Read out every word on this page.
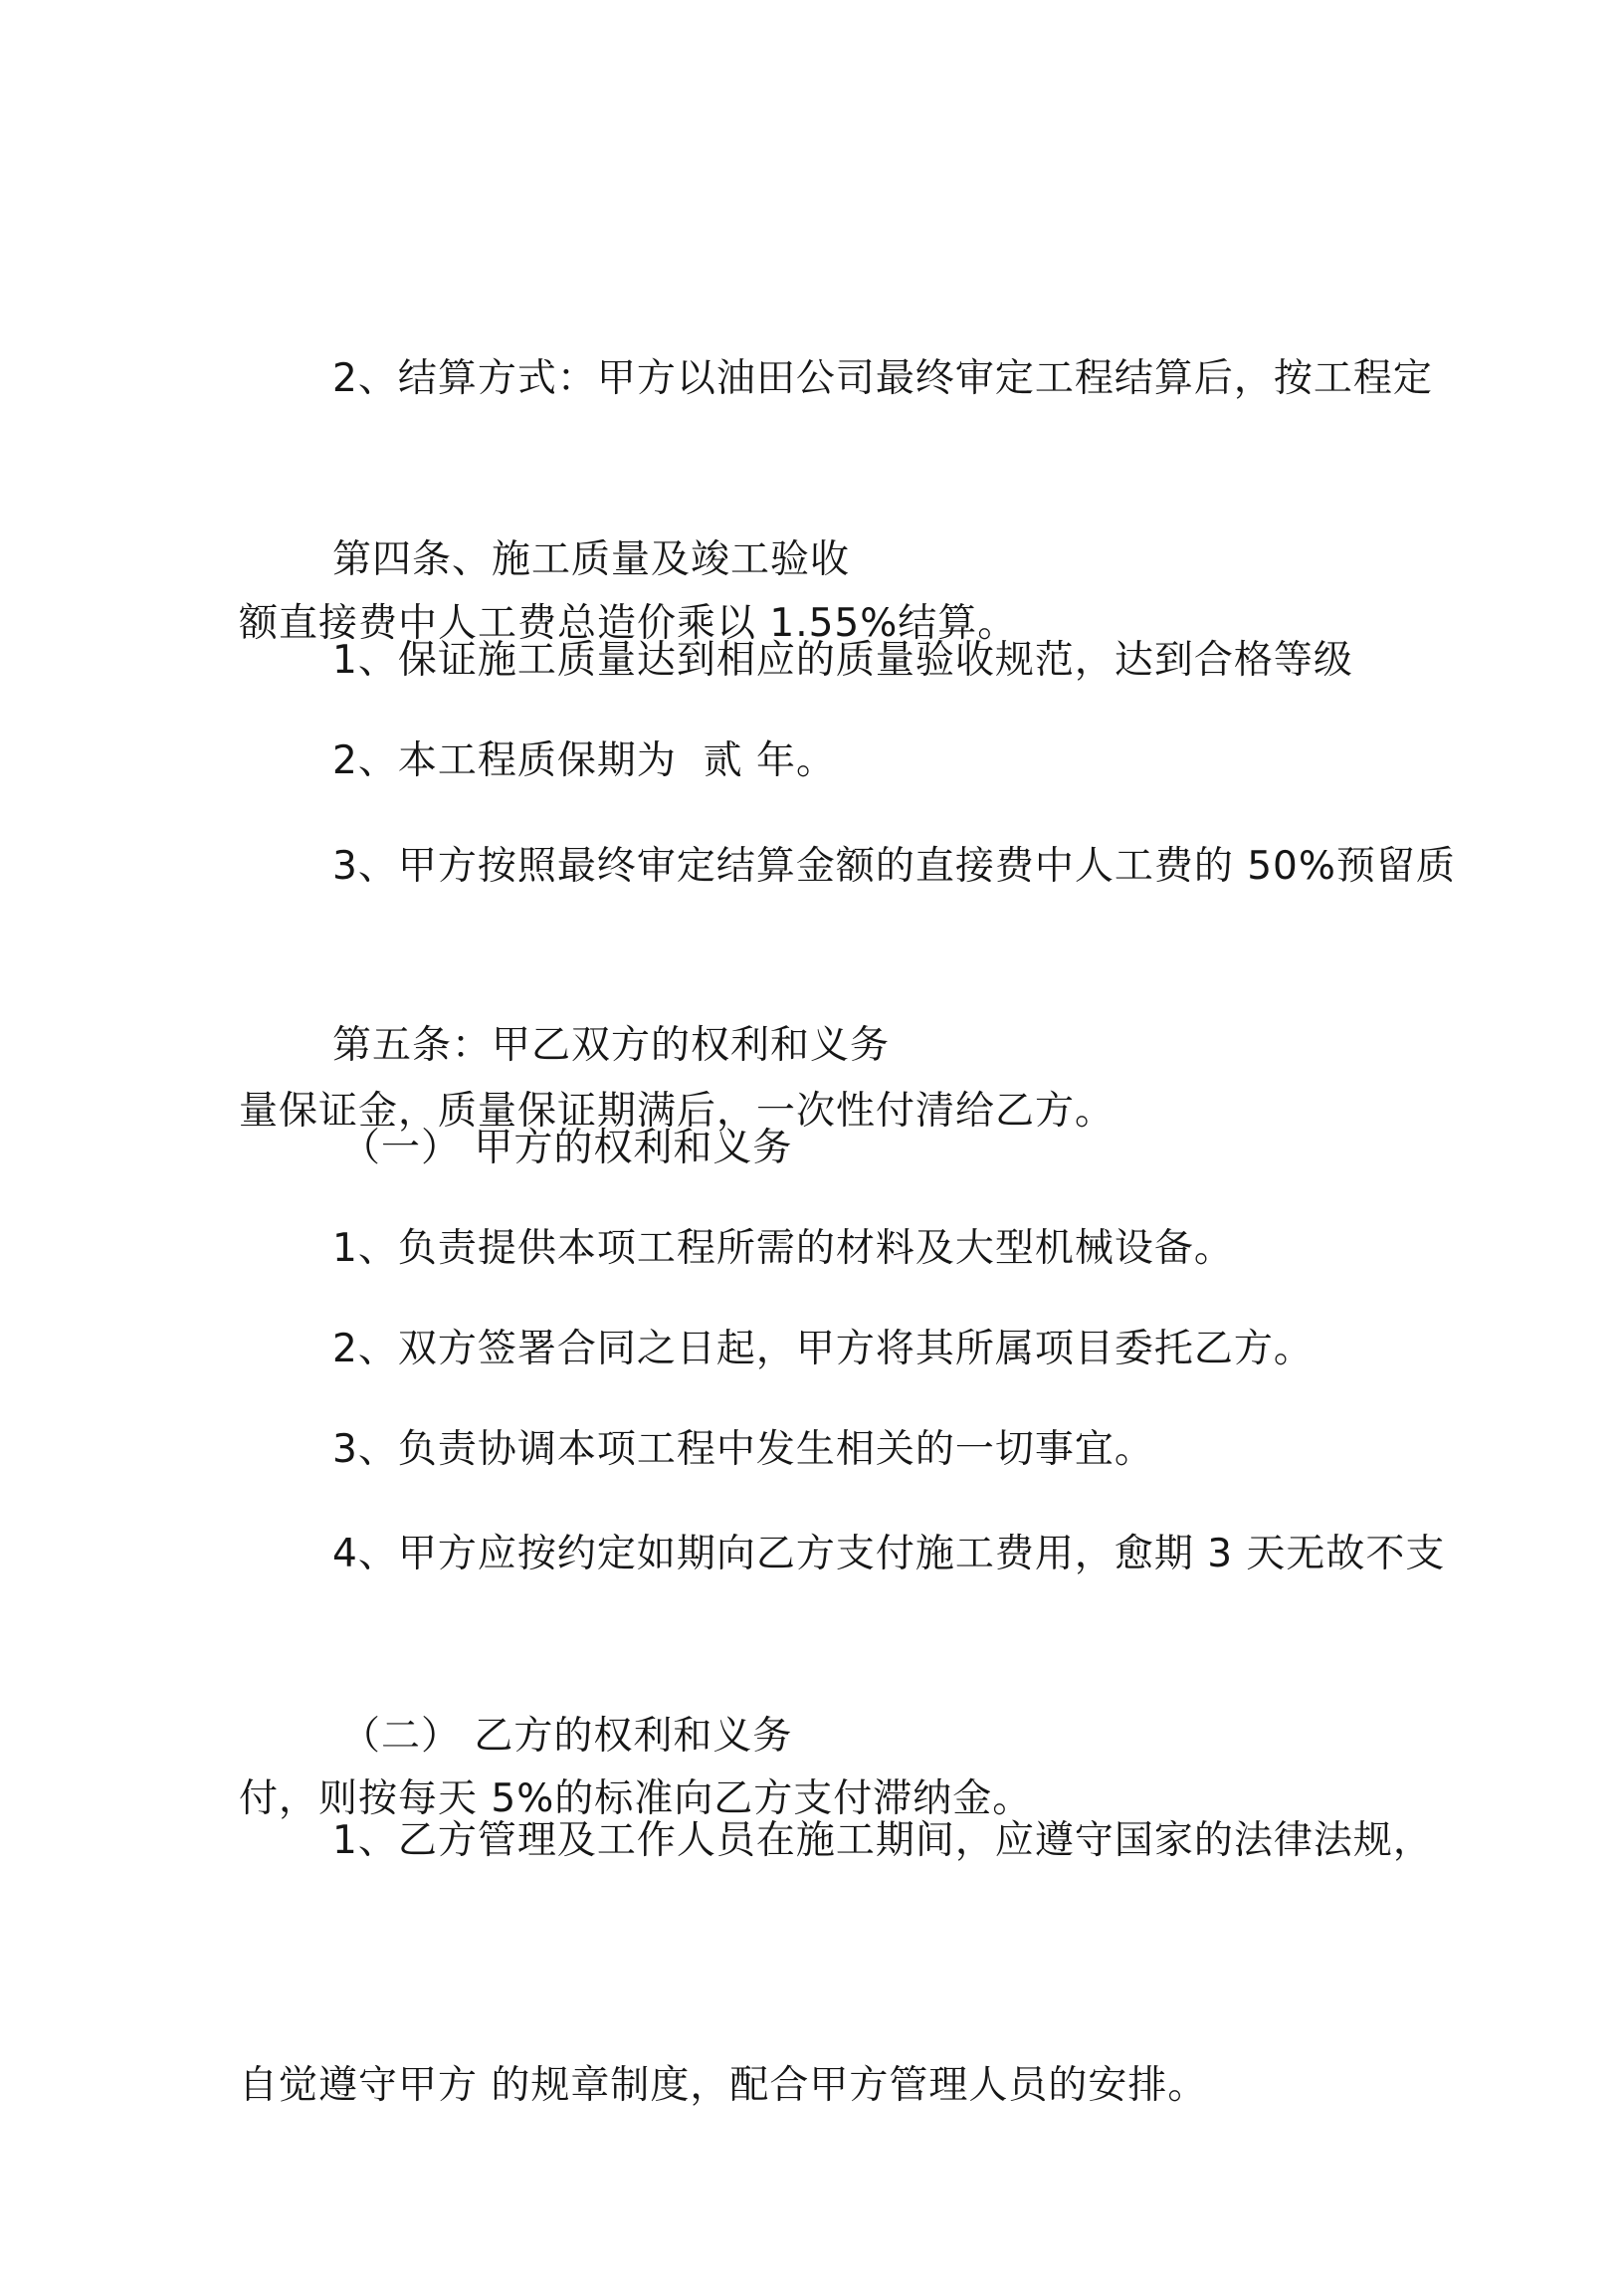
2、结算方式：甲方以油田公司最终审定工程结算后，按工程定

额直接费中人工费总造价乘以 1.55%结算。

第四条、施工质量及竣工验收

1、保证施工质量达到相应的质量验收规范，达到合格等级

2、本工程质保期为  贰 年。

3、甲方按照最终审定结算金额的直接费中人工费的 50%预留质

量保证金，质量保证期满后，一次性付清给乙方。

第五条：甲乙双方的权利和义务

（一） 甲方的权利和义务

1、负责提供本项工程所需的材料及大型机械设备。

2、双方签署合同之日起，甲方将其所属项目委托乙方。

3、负责协调本项工程中发生相关的一切事宜。

4、甲方应按约定如期向乙方支付施工费用，愈期 3 天无故不支

付，则按每天 5%的标准向乙方支付滞纳金。

（二） 乙方的权利和义务

1、乙方管理及工作人员在施工期间，应遵守国家的法律法规，

自觉遵守甲方 的规章制度，配合甲方管理人员的安排。
